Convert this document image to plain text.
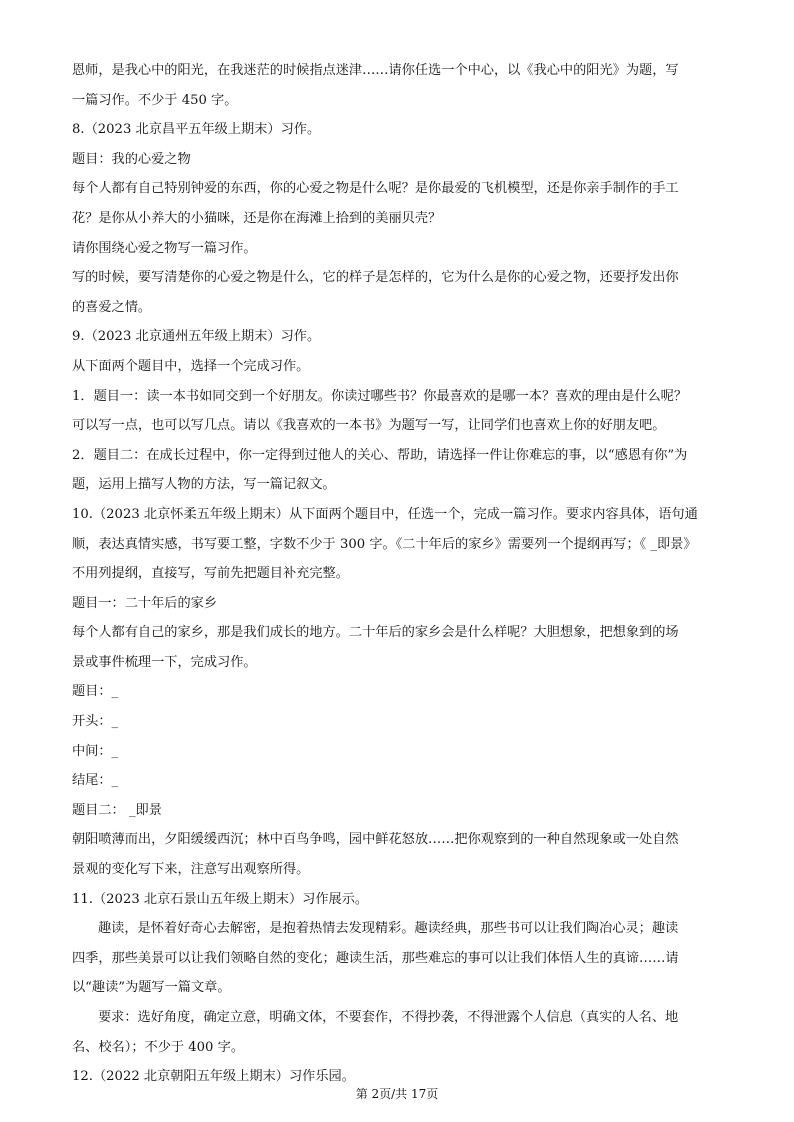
恩师，是我心中的阳光，在我迷茫的时候指点迷津……请你任选一个中心，以《我心中的阳光》为题，写
一篇习作。不少于 450 字。
8.（2023 北京昌平五年级上期末）习作。
题目：我的心爱之物
每个人都有自己特别钟爱的东西，你的心爱之物是什么呢？是你最爱的飞机模型，还是你亲手制作的手工
花？是你从小养大的小猫咪，还是你在海滩上拾到的美丽贝壳？
请你围绕心爱之物写一篇习作。
写的时候，要写清楚你的心爱之物是什么，它的样子是怎样的，它为什么是你的心爱之物，还要抒发出你
的喜爱之情。
9.（2023 北京通州五年级上期末）习作。
从下面两个题目中，选择一个完成习作。
1．题目一：读一本书如同交到一个好朋友。你读过哪些书？你最喜欢的是哪一本？喜欢的理由是什么呢？
可以写一点，也可以写几点。请以《我喜欢的一本书》为题写一写，让同学们也喜欢上你的好朋友吧。
2．题目二：在成长过程中，你一定得到过他人的关心、帮助，请选择一件让你难忘的事，以“感恩有你”为
题，运用上描写人物的方法，写一篇记叙文。
10.（2023 北京怀柔五年级上期末）从下面两个题目中，任选一个，完成一篇习作。要求内容具体，语句通
顺，表达真情实感，书写要工整，字数不少于 300 字。《二十年后的家乡》需要列一个提纲再写；《 _即景》
不用列提纲，直接写，写前先把题目补充完整。
题目一：二十年后的家乡
每个人都有自己的家乡，那是我们成长的地方。二十年后的家乡会是什么样呢？大胆想象，把想象到的场
景或事件梳理一下，完成习作。
题目：_
开头：_
中间：_
结尾：_
题目二： _即景
朝阳喷薄而出，夕阳缓缓西沉；林中百鸟争鸣，园中鲜花怒放……把你观察到的一种自然现象或一处自然
景观的变化写下来，注意写出观察所得。
11.（2023 北京石景山五年级上期末）习作展示。
趣读，是怀着好奇心去解密，是抱着热情去发现精彩。趣读经典，那些书可以让我们陶冶心灵；趣读
四季，那些美景可以让我们领略自然的变化；趣读生活，那些难忘的事可以让我们体悟人生的真谛……请
以“趣读”为题写一篇文章。
要求：选好角度，确定立意，明确文体，不要套作，不得抄袭，不得泄露个人信息（真实的人名、地
名、校名）；不少于 400 字。
12.（2022 北京朝阳五年级上期末）习作乐园。
第 2页/共 17页
